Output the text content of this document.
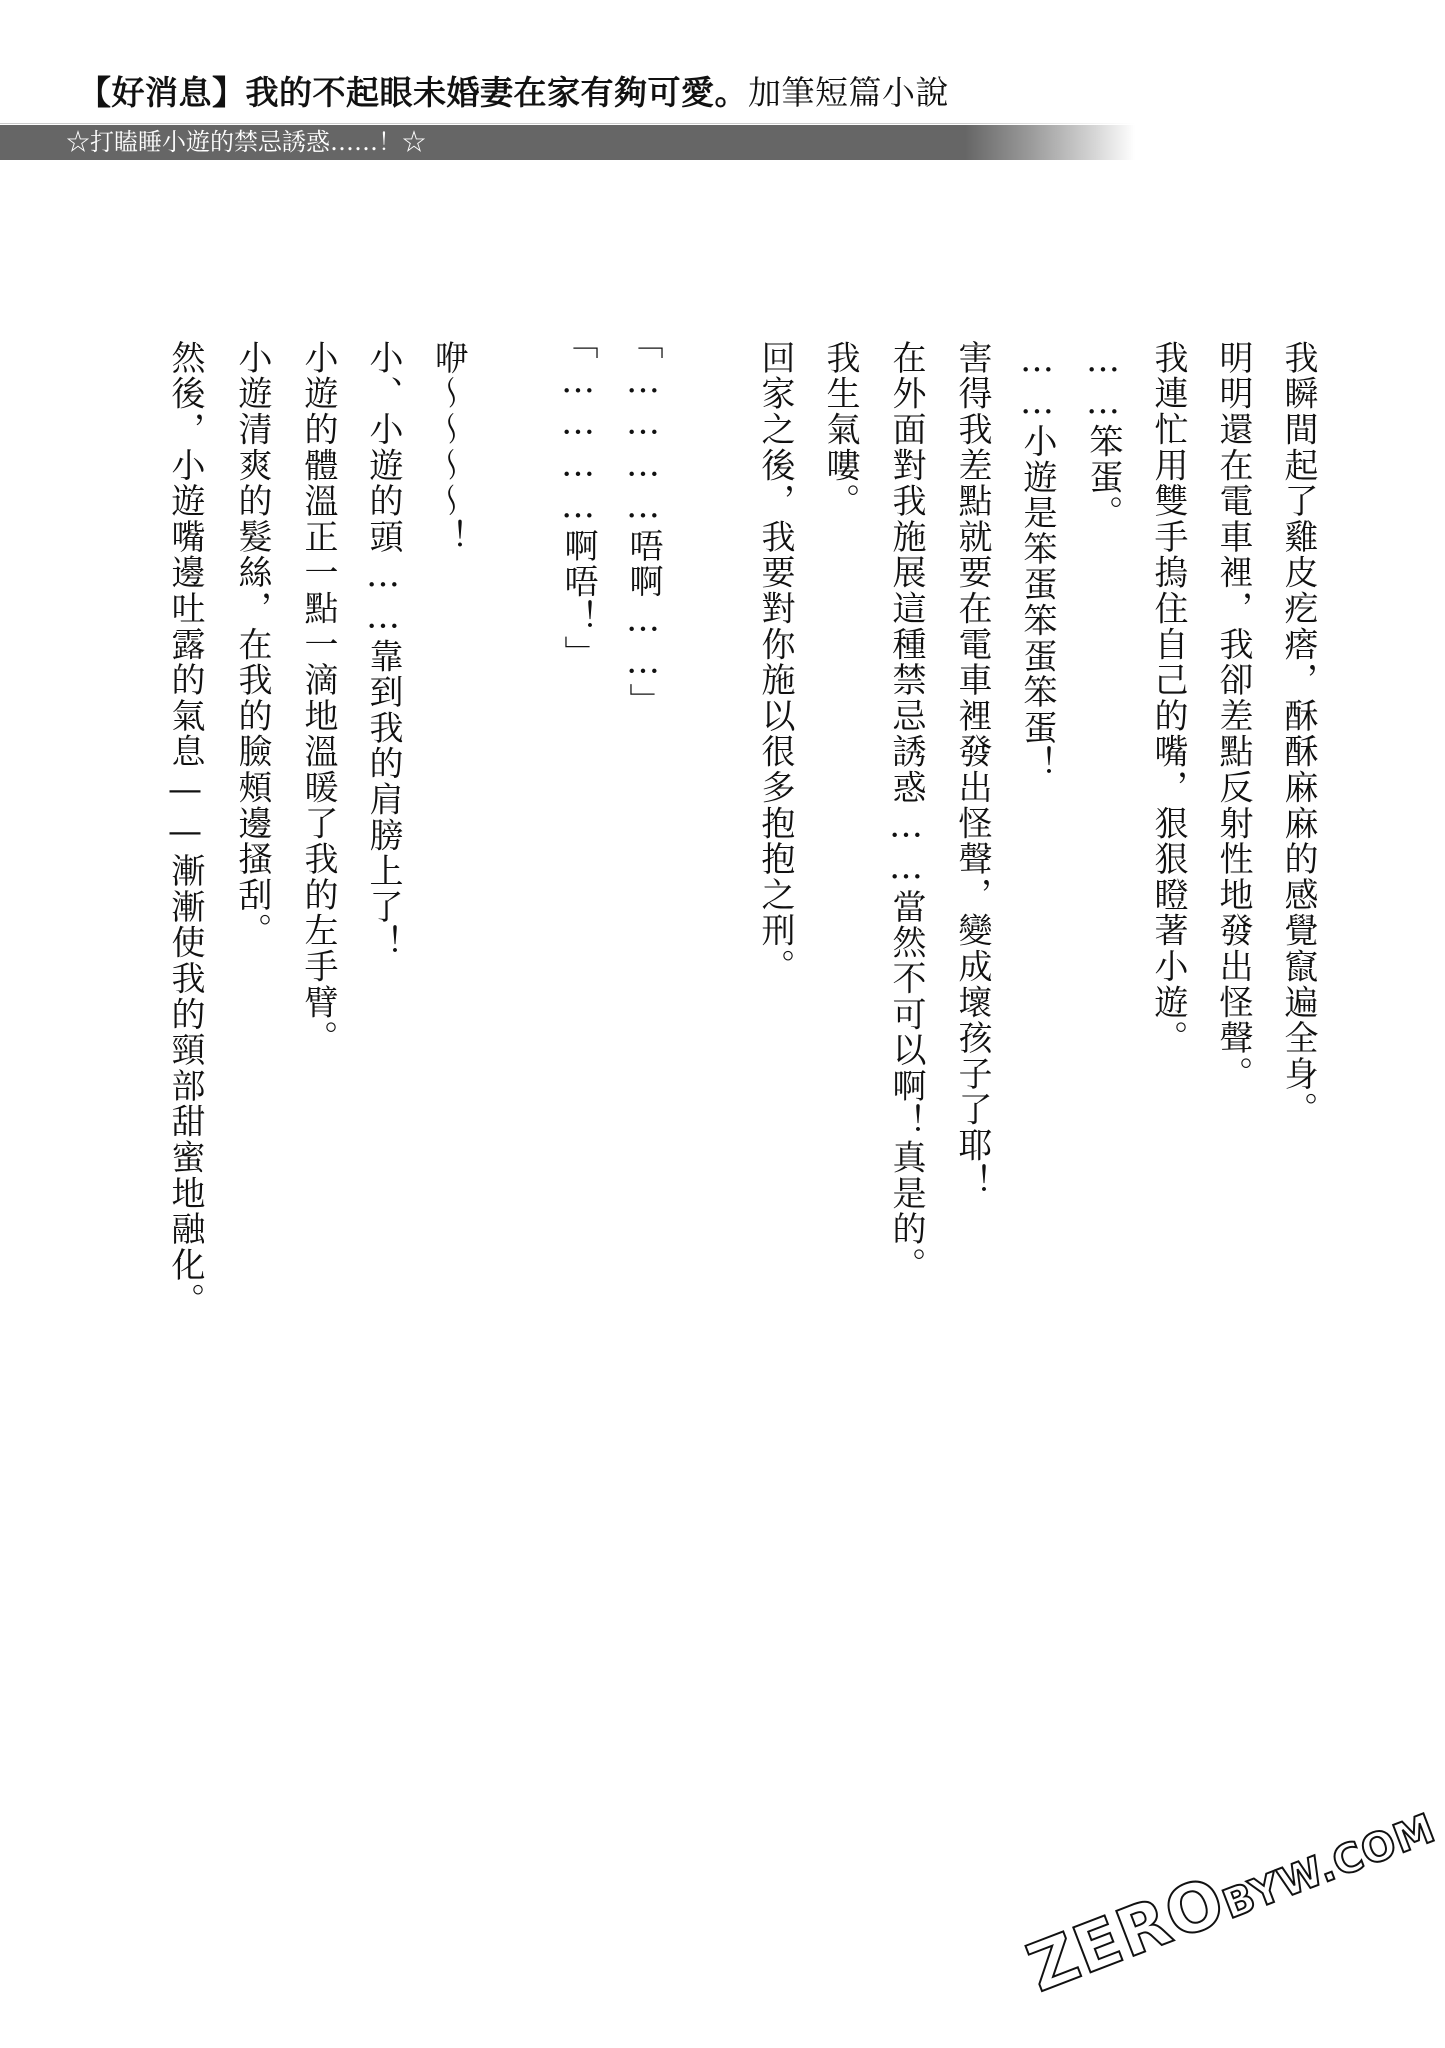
【好消息】我的不起眼未婚妻在家有夠可愛。加筆短篇小說
☆打瞌睡小遊的禁忌誘惑……！☆
我瞬間起了雞皮疙瘩，酥酥麻麻的感覺竄遍全身。
明明還在電車裡，我卻差點反射性地發出怪聲。
我連忙用雙手摀住自己的嘴，狠狠瞪著小遊。
……笨蛋。
……小遊是笨蛋笨蛋笨蛋！
害得我差點就要在電車裡發出怪聲，變成壞孩子了耶！
在外面對我施展這種禁忌誘惑……當然不可以啊！真是的。
我生氣嘍。
回家之後，我要對你施以很多抱抱之刑。
「…………唔啊……」
「…………啊唔！」
咿～～～～！
小、小遊的頭……靠到我的肩膀上了！
小遊的體溫正一點一滴地溫暖了我的左手臂。
小遊清爽的髮絲，在我的臉頰邊搔刮。
然後，小遊嘴邊吐露的氣息——漸漸使我的頸部甜蜜地融化。
ZEROBYW.COM
